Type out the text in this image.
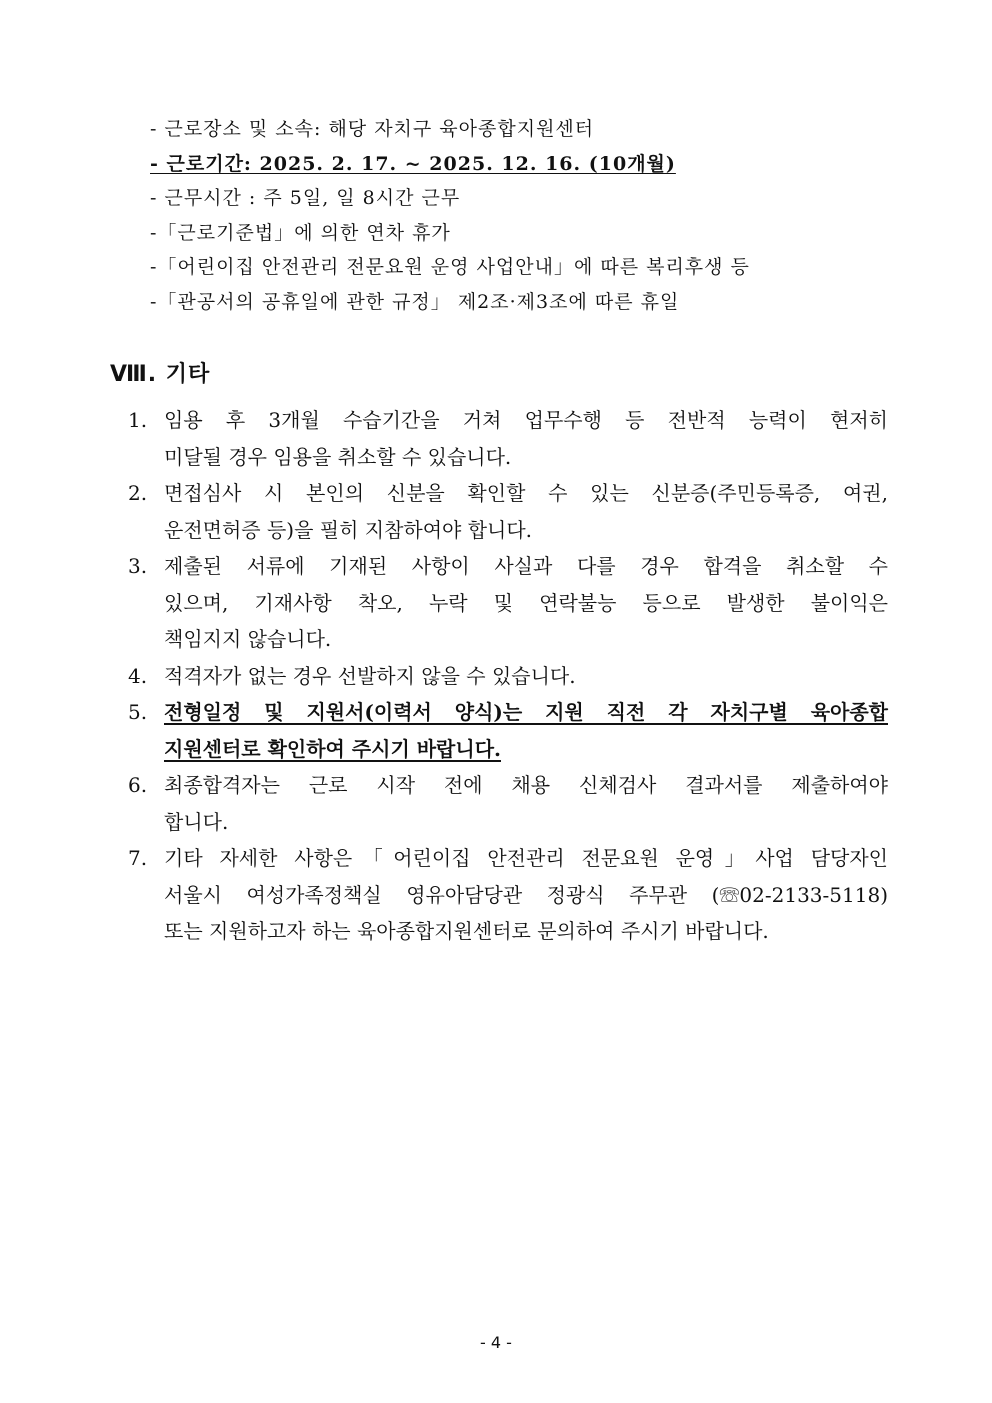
- 근로장소 및 소속: 해당 자치구 육아종합지원센터
- 근로기간: 2025. 2. 17. ~ 2025. 12. 16. (10개월)
- 근무시간 : 주 5일, 일 8시간 근무
-「근로기준법」에 의한 연차 휴가
-「어린이집 안전관리 전문요원 운영 사업안내」에 따른 복리후생 등
-「관공서의 공휴일에 관한 규정」 제2조·제3조에 따른 휴일
Ⅷ. 기타
1. 임용 후 3개월 수습기간을 거쳐 업무수행 등 전반적 능력이 현저히
미달될 경우 임용을 취소할 수 있습니다.
2. 면접심사 시 본인의 신분을 확인할 수 있는 신분증(주민등록증, 여권,
운전면허증 등)을 필히 지참하여야 합니다.
3. 제출된 서류에 기재된 사항이 사실과 다를 경우 합격을 취소할 수
있으며, 기재사항 착오, 누락 및 연락불능 등으로 발생한 불이익은
책임지지 않습니다.
4. 적격자가 없는 경우 선발하지 않을 수 있습니다.
5. 전형일정 및 지원서(이력서 양식)는 지원 직전 각 자치구별 육아종합
지원센터로 확인하여 주시기 바랍니다.
6. 최종합격자는 근로 시작 전에 채용 신체검사 결과서를 제출하여야
합니다.
7. 기타 자세한 사항은「어린이집 안전관리 전문요원 운영」사업 담당자인
서울시 여성가족정책실 영유아담당관 정광식 주무관 (☏02-2133-5118)
또는 지원하고자 하는 육아종합지원센터로 문의하여 주시기 바랍니다.
- 4 -
